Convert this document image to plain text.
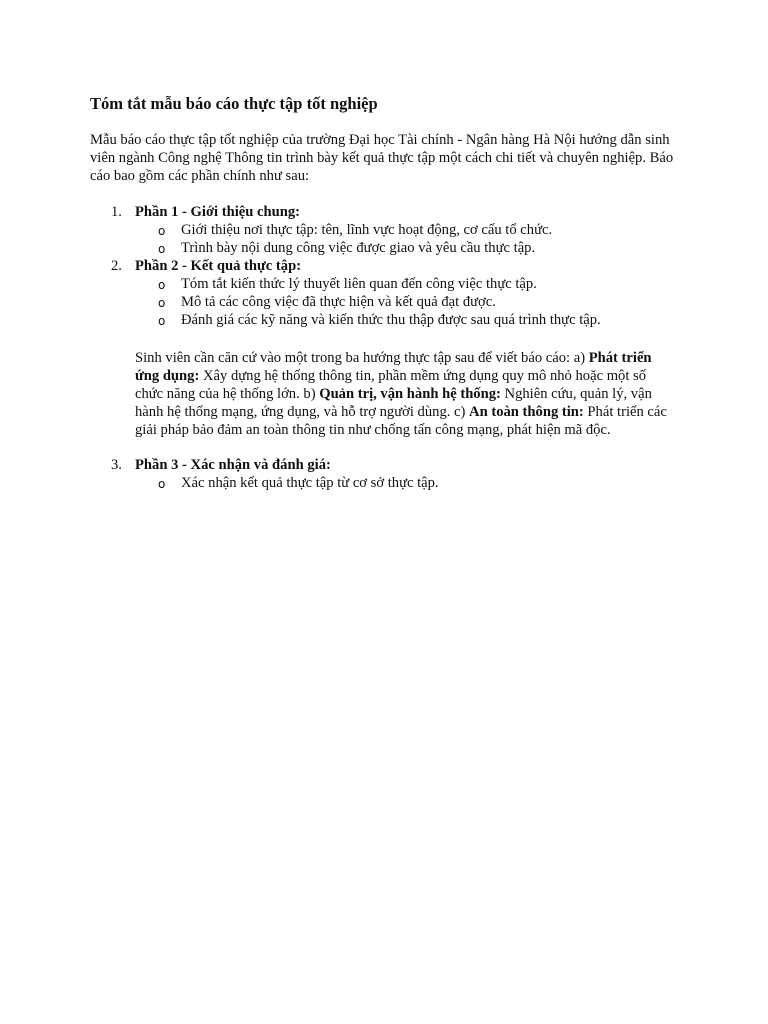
Tóm tắt mẫu báo cáo thực tập tốt nghiệp

Mẫu báo cáo thực tập tốt nghiệp của trường Đại học Tài chính - Ngân hàng Hà Nội hướng dẫn sinh viên ngành Công nghệ Thông tin trình bày kết quả thực tập một cách chi tiết và chuyên nghiệp. Báo cáo bao gồm các phần chính như sau:

1. Phần 1 - Giới thiệu chung:
o Giới thiệu nơi thực tập: tên, lĩnh vực hoạt động, cơ cấu tổ chức.
o Trình bày nội dung công việc được giao và yêu cầu thực tập.
2. Phần 2 - Kết quả thực tập:
o Tóm tắt kiến thức lý thuyết liên quan đến công việc thực tập.
o Mô tả các công việc đã thực hiện và kết quả đạt được.
o Đánh giá các kỹ năng và kiến thức thu thập được sau quá trình thực tập.

Sinh viên cần căn cứ vào một trong ba hướng thực tập sau để viết báo cáo: a) Phát triển ứng dụng: Xây dựng hệ thống thông tin, phần mềm ứng dụng quy mô nhỏ hoặc một số chức năng của hệ thống lớn. b) Quản trị, vận hành hệ thống: Nghiên cứu, quản lý, vận hành hệ thống mạng, ứng dụng, và hỗ trợ người dùng. c) An toàn thông tin: Phát triển các giải pháp bảo đảm an toàn thông tin như chống tấn công mạng, phát hiện mã độc.

3. Phần 3 - Xác nhận và đánh giá:
o Xác nhận kết quả thực tập từ cơ sở thực tập.
